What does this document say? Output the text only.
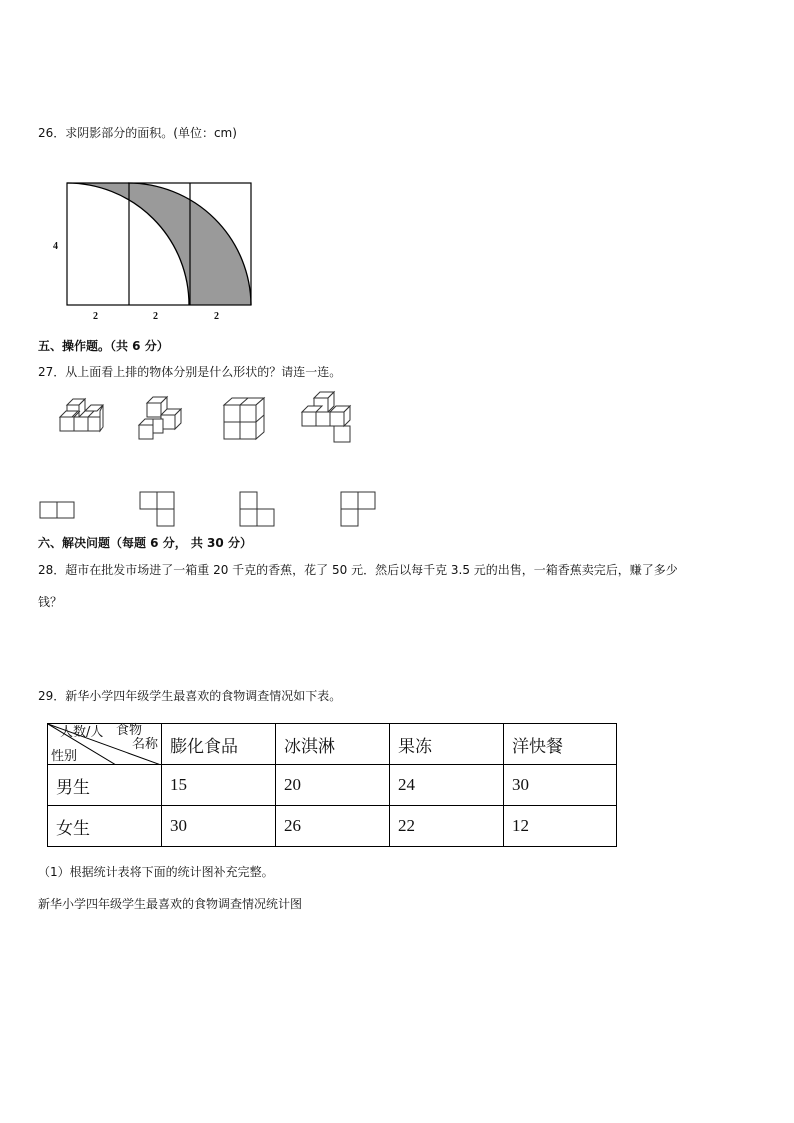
26．求阴影部分的面积。(单位：cm)
4
2	2	2
五、操作题。（共 6 分）
27．从上面看上排的物体分别是什么形状的？请连一连。
六、解决问题（每题 6 分， 共 30 分）
28．超市在批发市场进了一箱重 20 千克的香蕉，花了 50 元．然后以每千克 3.5 元的出售，一箱香蕉卖完后，赚了多少
钱？
29．新华小学四年级学生最喜欢的食物调查情况如下表。
人数/人 食物
名称
性别	膨化食品	冰淇淋	果冻	洋快餐
男生	15	20	24	30
女生	30	26	22	12
（1）根据统计表将下面的统计图补充完整。
新华小学四年级学生最喜欢的食物调查情况统计图
